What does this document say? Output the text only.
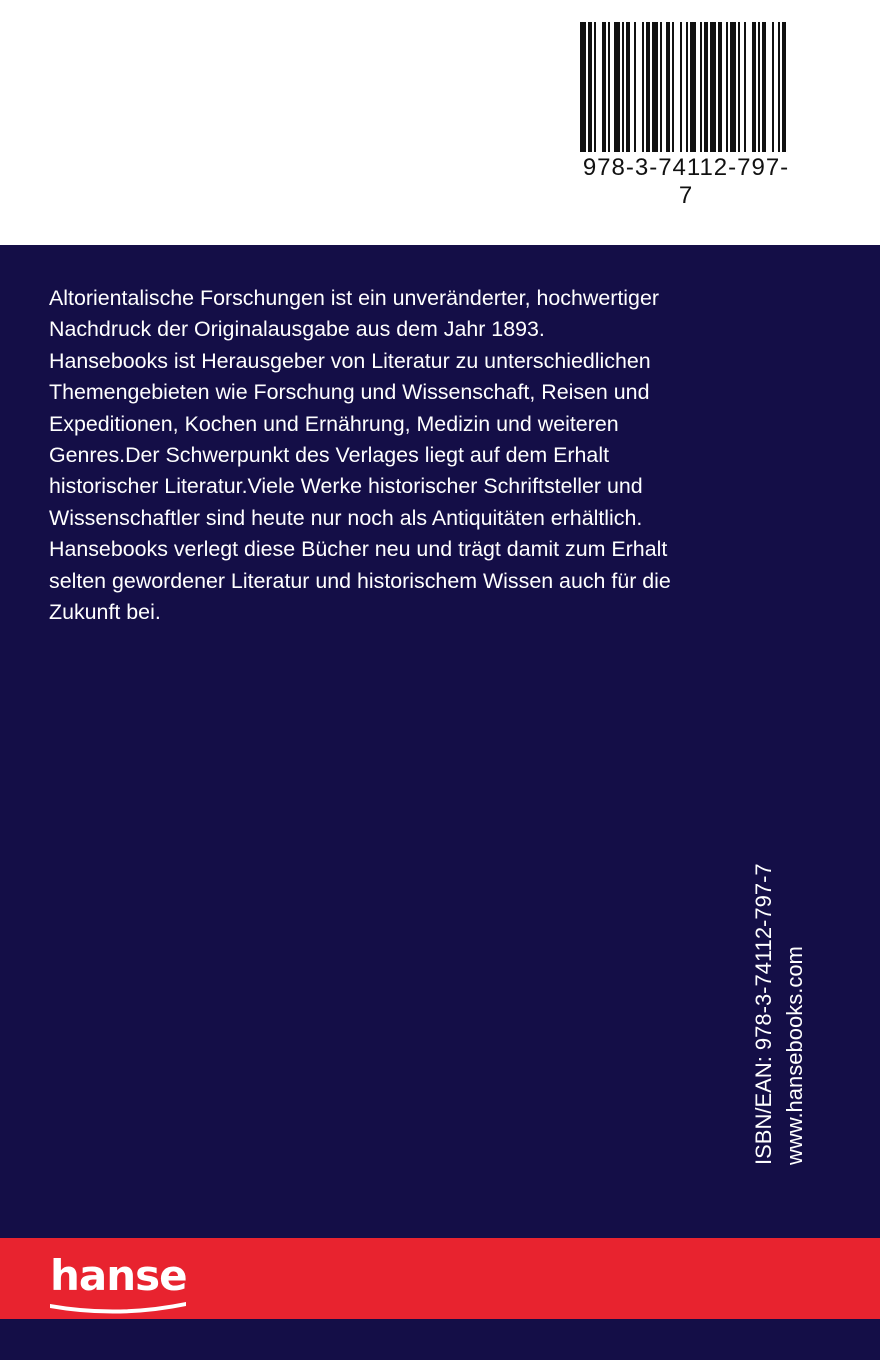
978-3-74112-797-7

Altorientalische Forschungen ist ein unveränderter, hochwertiger
Nachdruck der Originalausgabe aus dem Jahr 1893.
Hansebooks ist Herausgeber von Literatur zu unterschiedlichen
Themengebieten wie Forschung und Wissenschaft, Reisen und
Expeditionen, Kochen und Ernährung, Medizin und weiteren
Genres.Der Schwerpunkt des Verlages liegt auf dem Erhalt
historischer Literatur.Viele Werke historischer Schriftsteller und
Wissenschaftler sind heute nur noch als Antiquitäten erhältlich.
Hansebooks verlegt diese Bücher neu und trägt damit zum Erhalt
selten gewordener Literatur und historischem Wissen auch für die
Zukunft bei.

ISBN/EAN: 978-3-74112-797-7 www.hansebooks.com
hanse
